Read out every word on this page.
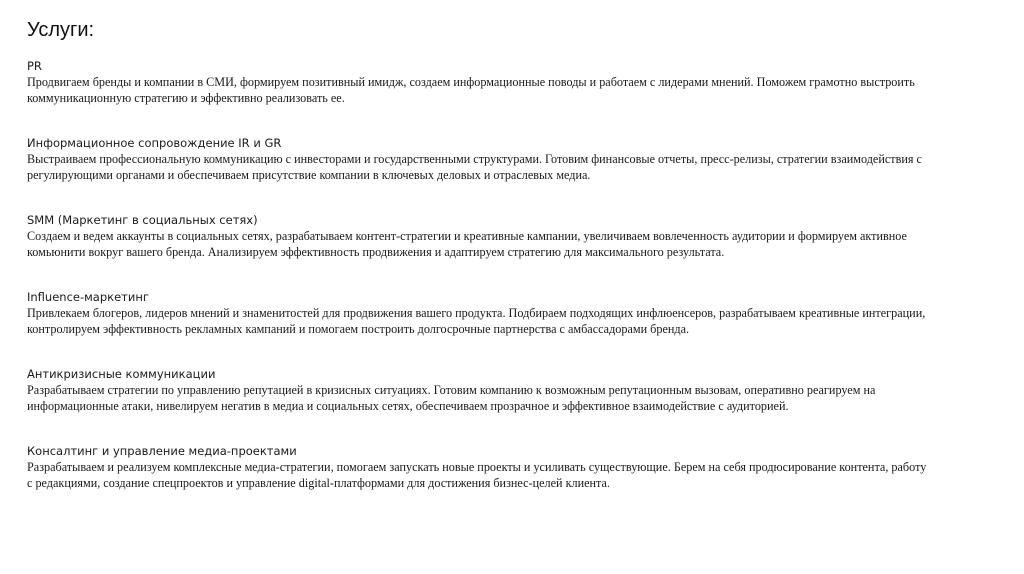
Услуги:

PR

Продвигаем бренды и компании в СМИ, формируем позитивный имидж, создаем информационные поводы и работаем с лидерами мнений. Поможем грамотно выстроить коммуникационную стратегию и эффективно реализовать ее.

Информационное сопровождение IR и GR

Выстраиваем профессиональную коммуникацию с инвесторами и государственными структурами. Готовим финансовые отчеты, пресс-релизы, стратегии взаимодействия с регулирующими органами и обеспечиваем присутствие компании в ключевых деловых и отраслевых медиа.

SMM (Маркетинг в социальных сетях)

Создаем и ведем аккаунты в социальных сетях, разрабатываем контент-стратегии и креативные кампании, увеличиваем вовлеченность аудитории и формируем активное комьюнити вокруг вашего бренда. Анализируем эффективность продвижения и адаптируем стратегию для максимального результата.

Influence-маркетинг

Привлекаем блогеров, лидеров мнений и знаменитостей для продвижения вашего продукта. Подбираем подходящих инфлюенсеров, разрабатываем креативные интеграции, контролируем эффективность рекламных кампаний и помогаем построить долгосрочные партнерства с амбассадорами бренда.

Антикризисные коммуникации

Разрабатываем стратегии по управлению репутацией в кризисных ситуациях. Готовим компанию к возможным репутационным вызовам, оперативно реагируем на информационные атаки, нивелируем негатив в медиа и социальных сетях, обеспечиваем прозрачное и эффективное взаимодействие с аудиторией.

Консалтинг и управление медиа-проектами

Разрабатываем и реализуем комплексные медиа-стратегии, помогаем запускать новые проекты и усиливать существующие. Берем на себя продюсирование контента, работу с редакциями, создание спецпроектов и управление digital-платформами для достижения бизнес-целей клиента.
